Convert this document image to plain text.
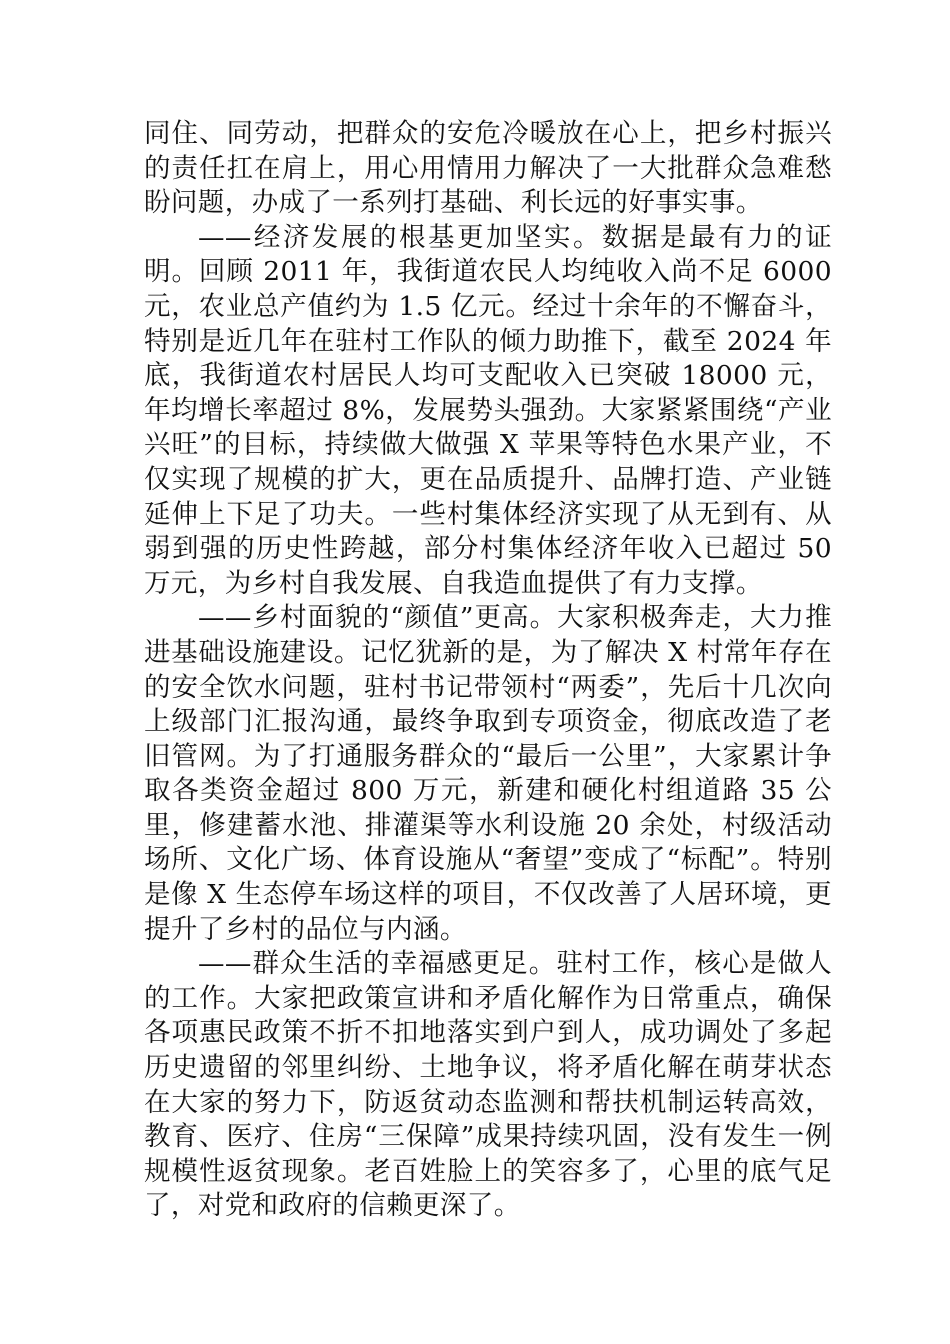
同住、同劳动，把群众的安危冷暖放在心上，把乡村振兴的责任扛在肩上，用心用情用力解决了一大批群众急难愁盼问题，办成了一系列打基础、利长远的好事实事。

——经济发展的根基更加坚实。数据是最有力的证明。回顾 2011 年，我街道农民人均纯收入尚不足 6000 元，农业总产值约为 1.5 亿元。经过十余年的不懈奋斗，特别是近几年在驻村工作队的倾力助推下，截至 2024 年底，我街道农村居民人均可支配收入已突破 18000 元，年均增长率超过 8%，发展势头强劲。大家紧紧围绕“产业兴旺”的目标，持续做大做强 X 苹果等特色水果产业，不仅实现了规模的扩大，更在品质提升、品牌打造、产业链延伸上下足了功夫。一些村集体经济实现了从无到有、从弱到强的历史性跨越，部分村集体经济年收入已超过 50 万元，为乡村自我发展、自我造血提供了有力支撑。

——乡村面貌的“颜值”更高。大家积极奔走，大力推进基础设施建设。记忆犹新的是，为了解决 X 村常年存在的安全饮水问题，驻村书记带领村“两委”，先后十几次向上级部门汇报沟通，最终争取到专项资金，彻底改造了老旧管网。为了打通服务群众的“最后一公里”，大家累计争取各类资金超过 800 万元，新建和硬化村组道路 35 公里，修建蓄水池、排灌渠等水利设施 20 余处，村级活动场所、文化广场、体育设施从“奢望”变成了“标配”。特别是像 X 生态停车场这样的项目，不仅改善了人居环境，更提升了乡村的品位与内涵。

——群众生活的幸福感更足。驻村工作，核心是做人的工作。大家把政策宣讲和矛盾化解作为日常重点，确保各项惠民政策不折不扣地落实到户到人，成功调处了多起历史遗留的邻里纠纷、土地争议，将矛盾化解在萌芽状态在大家的努力下，防返贫动态监测和帮扶机制运转高效，教育、医疗、住房“三保障”成果持续巩固，没有发生一例规模性返贫现象。老百姓脸上的笑容多了，心里的底气足了，对党和政府的信赖更深了。
